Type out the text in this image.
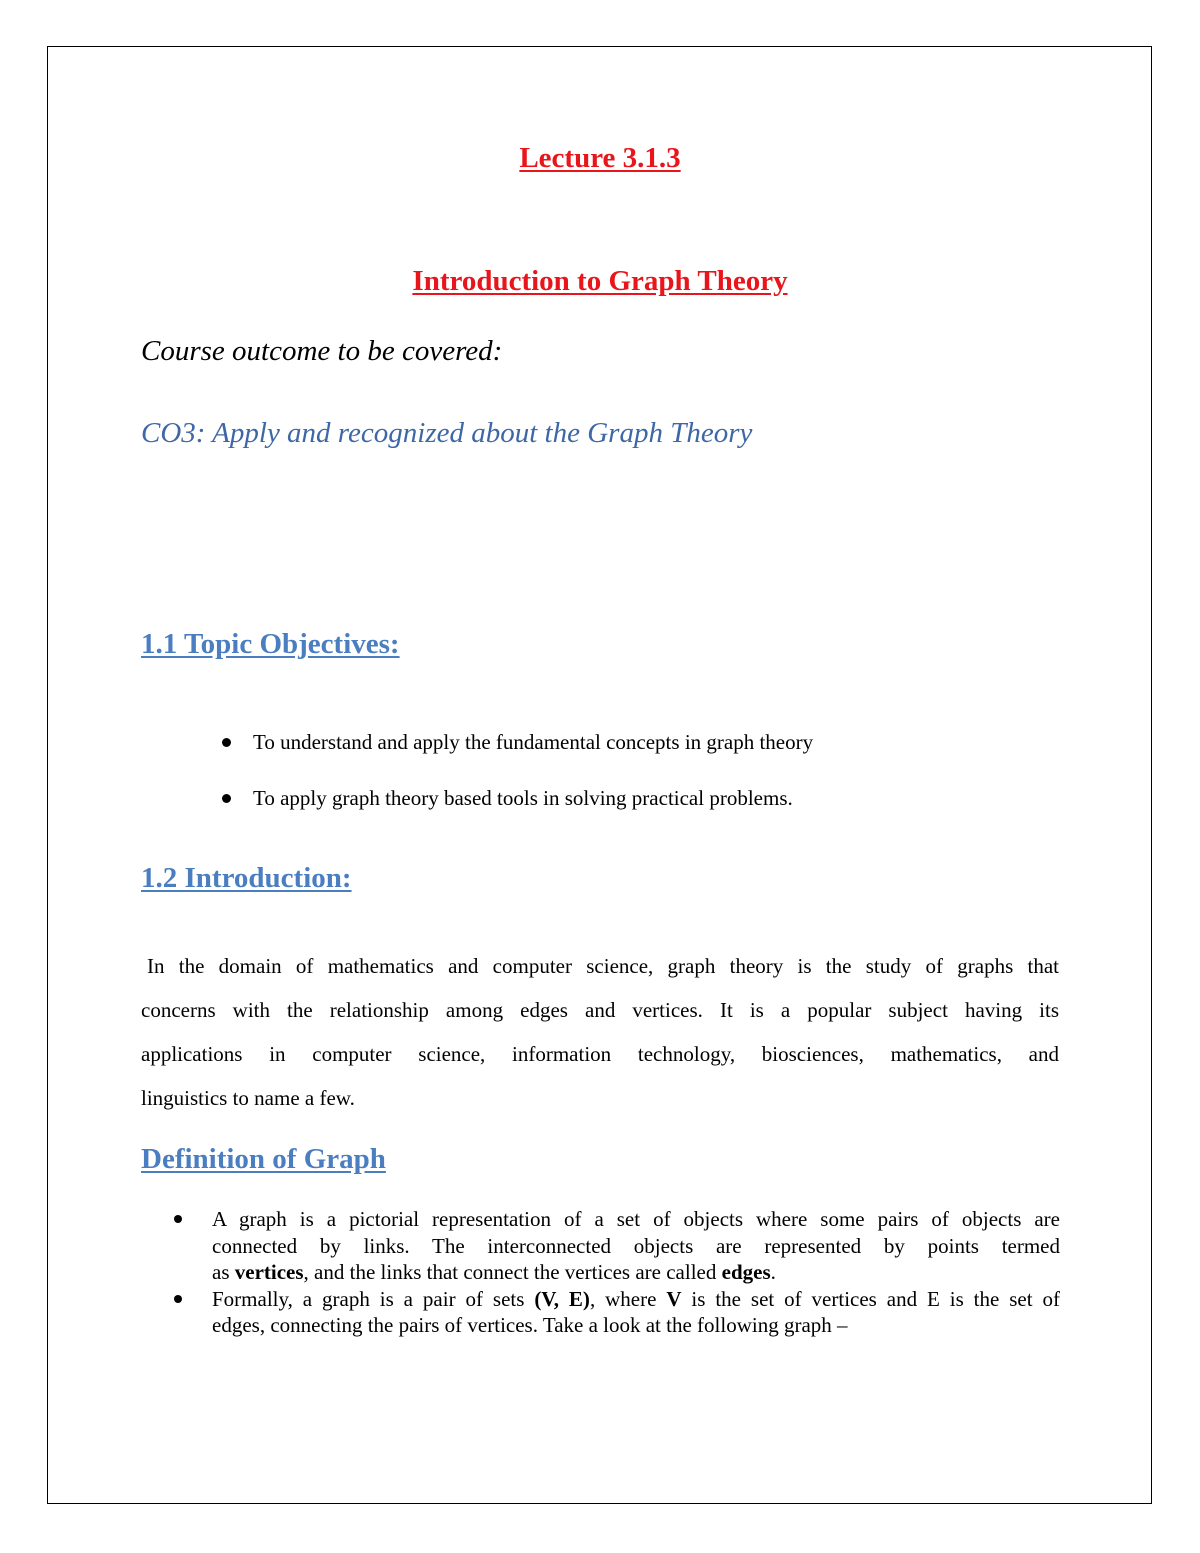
Lecture 3.1.3
Introduction to Graph Theory

Course outcome to be covered:

CO3: Apply and recognized about the Graph Theory

1.1 Topic Objectives:
To understand and apply the fundamental concepts in graph theory
To apply graph theory based tools in solving practical problems.
1.2 Introduction:
In the domain of mathematics and computer science, graph theory is the study of graphs that
concerns with the relationship among edges and vertices. It is a popular subject having its
applications in computer science, information technology, biosciences, mathematics, and
linguistics to name a few.
Definition of Graph
A graph is a pictorial representation of a set of objects where some pairs of objects are
connected by links. The interconnected objects are represented by points termed
as vertices, and the links that connect the vertices are called edges.
Formally, a graph is a pair of sets (V, E), where V is the set of vertices and E is the set of
edges, connecting the pairs of vertices. Take a look at the following graph –
